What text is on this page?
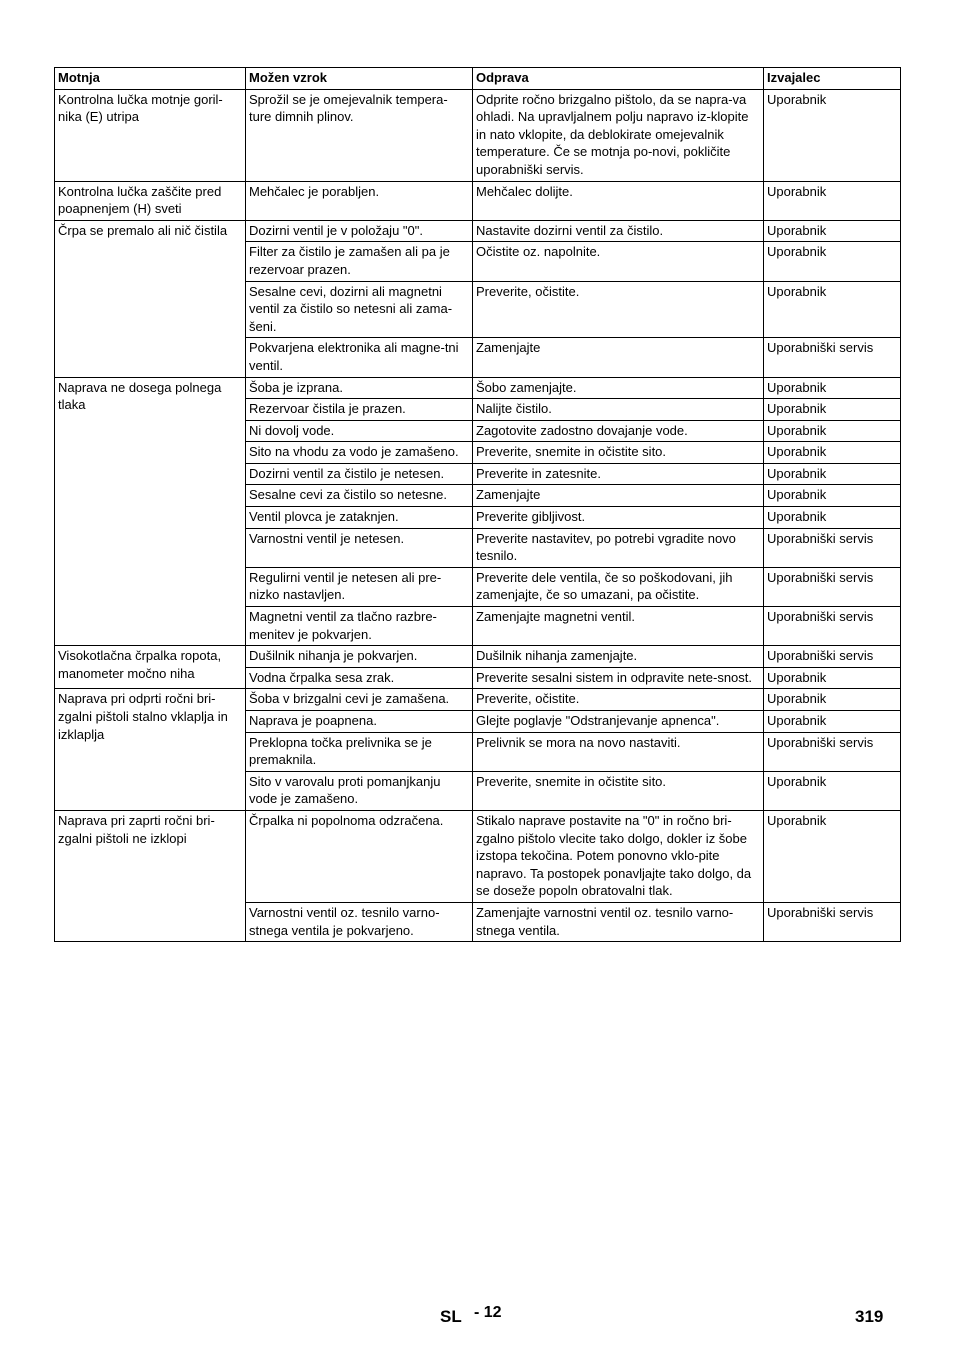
Motnja	Možen vzrok	Odprava	Izvajalec
Kontrolna lučka motnje goril-nika (E) utripa	Sprožil se je omejevalnik tempera-ture dimnih plinov.	Odprite ročno brizgalno pištolo, da se napra-va ohladi. Na upravljalnem polju napravo iz-klopite in nato vklopite, da deblokirate omejevalnik temperature. Če se motnja po-novi, pokličite uporabniški servis.	Uporabnik
Kontrolna lučka zaščite pred poapnenjem (H) sveti	Mehčalec je porabljen.	Mehčalec dolijte.	Uporabnik
Črpa se premalo ali nič čistila	Dozirni ventil je v položaju "0".	Nastavite dozirni ventil za čistilo.	Uporabnik
	Filter za čistilo je zamašen ali pa je rezervoar prazen.	Očistite oz. napolnite.	Uporabnik
	Sesalne cevi, dozirni ali magnetni ventil za čistilo so netesni ali zama-šeni.	Preverite, očistite.	Uporabnik
	Pokvarjena elektronika ali magne-tni ventil.	Zamenjajte	Uporabniški servis
Naprava ne dosega polnega tlaka	Šoba je izprana.	Šobo zamenjajte.	Uporabnik
	Rezervoar čistila je prazen.	Nalijte čistilo.	Uporabnik
	Ni dovolj vode.	Zagotovite zadostno dovajanje vode.	Uporabnik
	Sito na vhodu za vodo je zamašeno.	Preverite, snemite in očistite sito.	Uporabnik
	Dozirni ventil za čistilo je netesen.	Preverite in zatesnite.	Uporabnik
	Sesalne cevi za čistilo so netesne.	Zamenjajte	Uporabnik
	Ventil plovca je zataknjen.	Preverite gibljivost.	Uporabnik
	Varnostni ventil je netesen.	Preverite nastavitev, po potrebi vgradite novo tesnilo.	Uporabniški servis
	Regulirni ventil je netesen ali pre-nizko nastavljen.	Preverite dele ventila, če so poškodovani, jih zamenjajte, če so umazani, pa očistite.	Uporabniški servis
	Magnetni ventil za tlačno razbre-menitev je pokvarjen.	Zamenjajte magnetni ventil.	Uporabniški servis
Visokotlačna črpalka ropota, manometer močno niha	Dušilnik nihanja je pokvarjen.	Dušilnik nihanja zamenjajte.	Uporabniški servis
	Vodna črpalka sesa zrak.	Preverite sesalni sistem in odpravite nete-snost.	Uporabnik
Naprava pri odprti ročni bri-zgalni pištoli stalno vklaplja in izklaplja	Šoba v brizgalni cevi je zamašena.	Preverite, očistite.	Uporabnik
	Naprava je poapnena.	Glejte poglavje "Odstranjevanje apnenca".	Uporabnik
	Preklopna točka prelivnika se je premaknila.	Prelivnik se mora na novo nastaviti.	Uporabniški servis
	Sito v varovalu proti pomanjkanju vode je zamašeno.	Preverite, snemite in očistite sito.	Uporabnik
Naprava pri zaprti ročni bri-zgalni pištoli ne izklopi	Črpalka ni popolnoma odzračena.	Stikalo naprave postavite na "0" in ročno bri-zgalno pištolo vlecite tako dolgo, dokler iz šobe izstopa tekočina. Potem ponovno vklo-pite napravo. Ta postopek ponavljajte tako dolgo, da se doseže popoln obratovalni tlak.	Uporabnik
	Varnostni ventil oz. tesnilo varno-stnega ventila je pokvarjeno.	Zamenjajte varnostni ventil oz. tesnilo varno-stnega ventila.	Uporabniški servis
SL - 12	319
